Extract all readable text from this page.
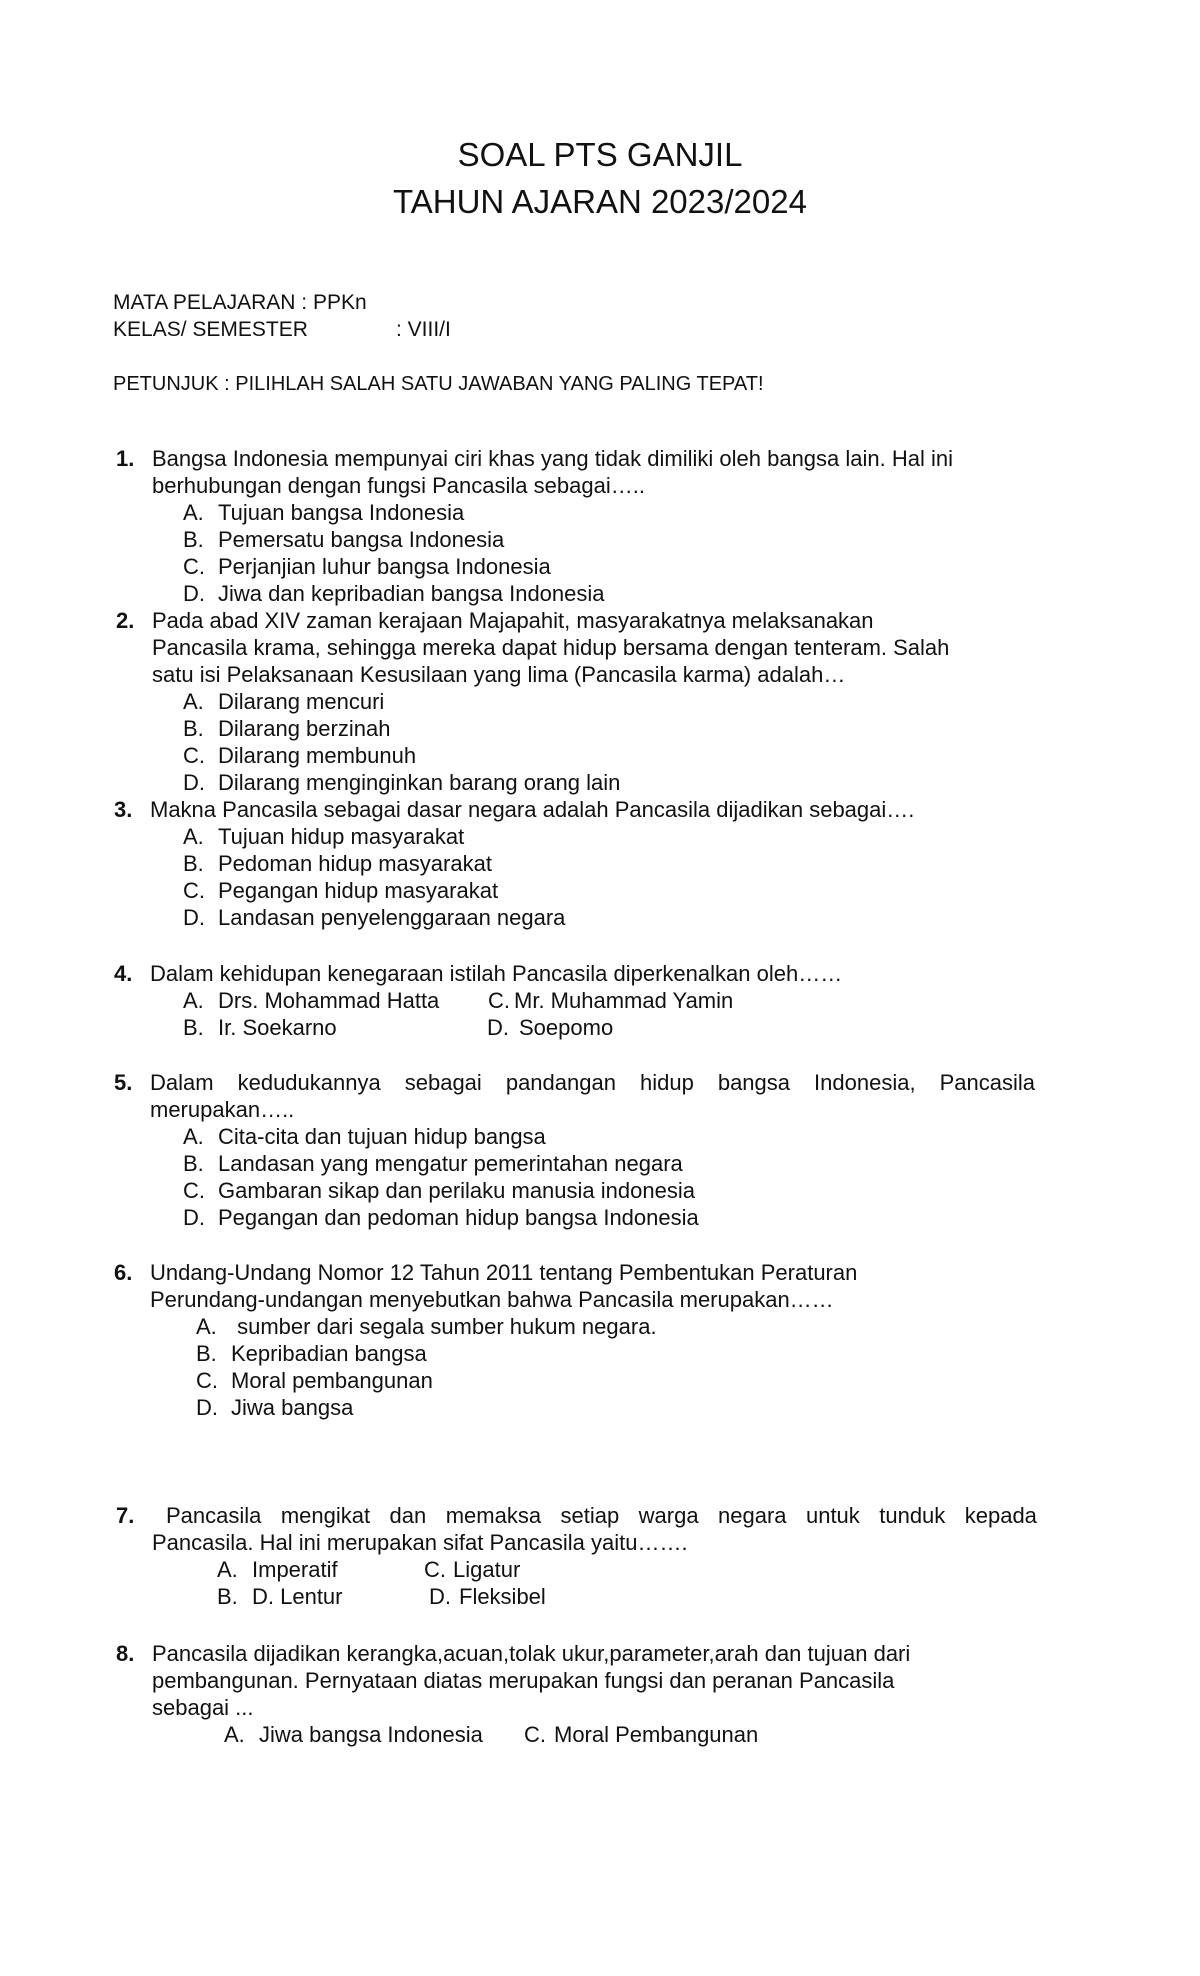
SOAL PTS GANJIL
TAHUN AJARAN 2023/2024
MATA PELAJARAN : PPKn
KELAS/ SEMESTER	: VIII/I
PETUNJUK : PILIHLAH SALAH SATU JAWABAN YANG PALING TEPAT!
1. Bangsa Indonesia mempunyai ciri khas yang tidak dimiliki oleh bangsa lain. Hal ini
berhubungan dengan fungsi Pancasila sebagai…..
A. Tujuan bangsa Indonesia
B. Pemersatu bangsa Indonesia
C. Perjanjian luhur bangsa Indonesia
D. Jiwa dan kepribadian bangsa Indonesia
2. Pada abad XIV zaman kerajaan Majapahit, masyarakatnya melaksanakan
Pancasila krama, sehingga mereka dapat hidup bersama dengan tenteram. Salah
satu isi Pelaksanaan Kesusilaan yang lima (Pancasila karma) adalah…
A. Dilarang mencuri
B. Dilarang berzinah
C. Dilarang membunuh
D. Dilarang menginginkan barang orang lain
3. Makna Pancasila sebagai dasar negara adalah Pancasila dijadikan sebagai….
A. Tujuan hidup masyarakat
B. Pedoman hidup masyarakat
C. Pegangan hidup masyarakat
D. Landasan penyelenggaraan negara
4. Dalam kehidupan kenegaraan istilah Pancasila diperkenalkan oleh……
A. Drs. Mohammad Hatta C. Mr. Muhammad Yamin
B. Ir. Soekarno	D. Soepomo
5. Dalam kedudukannya sebagai pandangan hidup bangsa Indonesia, Pancasila
merupakan…..
A. Cita-cita dan tujuan hidup bangsa
B. Landasan yang mengatur pemerintahan negara
C. Gambaran sikap dan perilaku manusia indonesia
D. Pegangan dan pedoman hidup bangsa Indonesia
6. Undang-Undang Nomor 12 Tahun 2011 tentang Pembentukan Peraturan
Perundang-undangan menyebutkan bahwa Pancasila merupakan……
A. sumber dari segala sumber hukum negara.
B. Kepribadian bangsa
C. Moral pembangunan
D. Jiwa bangsa
7. Pancasila mengikat dan memaksa setiap warga negara untuk tunduk kepada
Pancasila. Hal ini merupakan sifat Pancasila yaitu…….
A. Imperatif	C. Ligatur
B. D. Lentur	D. Fleksibel
8. Pancasila dijadikan kerangka,acuan,tolak ukur,parameter,arah dan tujuan dari
pembangunan. Pernyataan diatas merupakan fungsi dan peranan Pancasila
sebagai ...
A. Jiwa bangsa Indonesia C. Moral Pembangunan
